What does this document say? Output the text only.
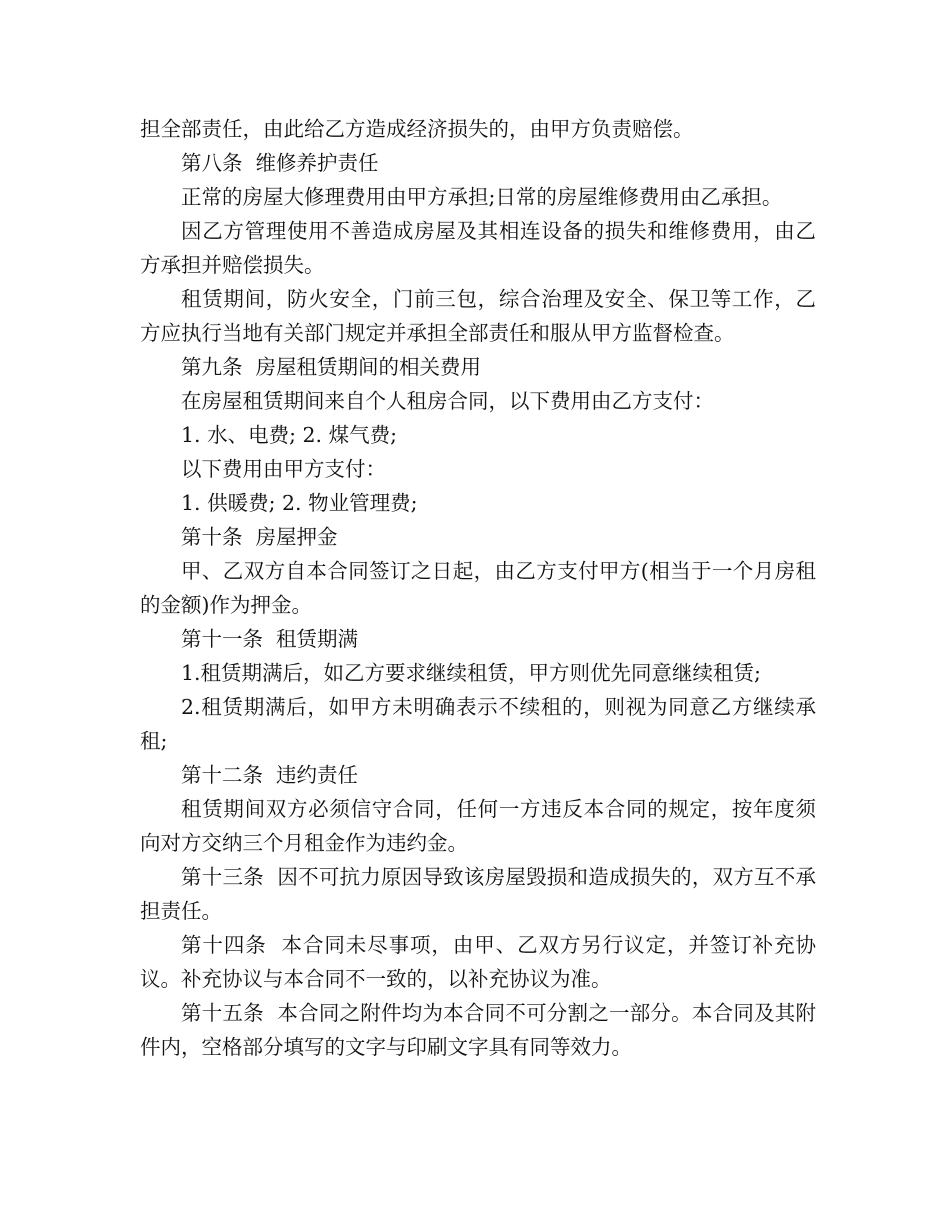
担全部责任，由此给乙方造成经济损失的，由甲方负责赔偿。

第八条  维修养护责任

正常的房屋大修理费用由甲方承担;日常的房屋维修费用由乙承担。

因乙方管理使用不善造成房屋及其相连设备的损失和维修费用，由乙方承担并赔偿损失。

租赁期间，防火安全，门前三包，综合治理及安全、保卫等工作，乙方应执行当地有关部门规定并承担全部责任和服从甲方监督检查。

第九条  房屋租赁期间的相关费用

在房屋租赁期间来自个人租房合同，以下费用由乙方支付：

1. 水、电费; 2. 煤气费;

以下费用由甲方支付：

1. 供暖费; 2. 物业管理费;

第十条  房屋押金

甲、乙双方自本合同签订之日起，由乙方支付甲方(相当于一个月房租的金额)作为押金。

第十一条  租赁期满

1.租赁期满后，如乙方要求继续租赁，甲方则优先同意继续租赁;

2.租赁期满后，如甲方未明确表示不续租的，则视为同意乙方继续承租;

第十二条  违约责任

租赁期间双方必须信守合同，任何一方违反本合同的规定，按年度须向对方交纳三个月租金作为违约金。

第十三条  因不可抗力原因导致该房屋毁损和造成损失的，双方互不承担责任。

第十四条  本合同未尽事项，由甲、乙双方另行议定，并签订补充协议。补充协议与本合同不一致的，以补充协议为准。

第十五条  本合同之附件均为本合同不可分割之一部分。本合同及其附件内，空格部分填写的文字与印刷文字具有同等效力。
